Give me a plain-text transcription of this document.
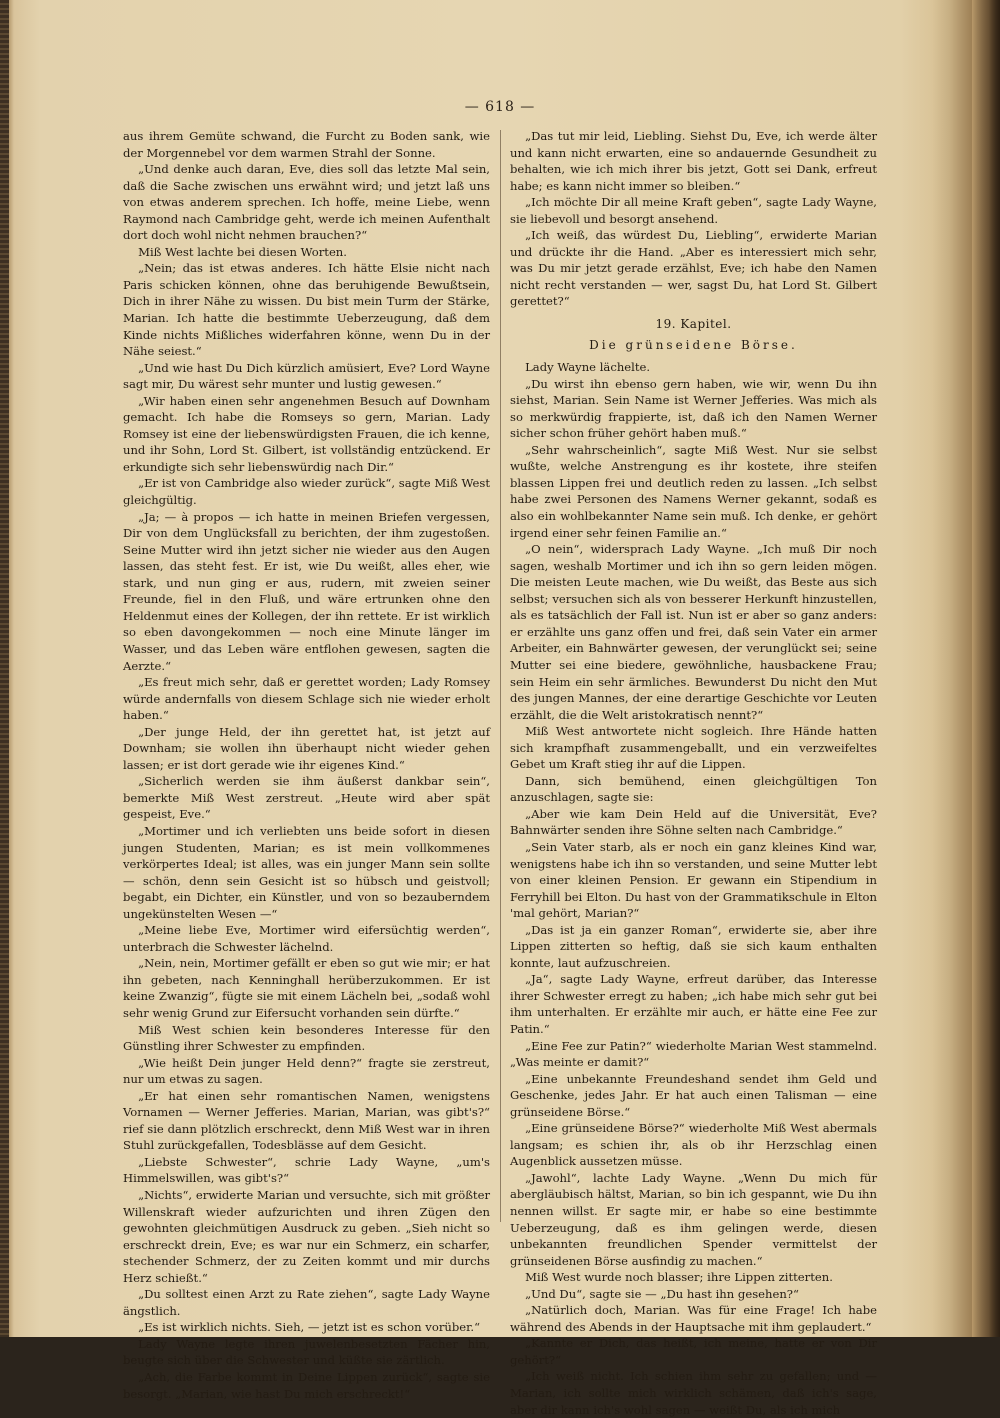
— 618 —

aus ihrem Gemüte schwand, die Furcht zu Boden sank, wie der Morgennebel vor dem warmen Strahl der Sonne.

„Und denke auch daran, Eve, dies soll das letzte Mal sein, daß die Sache zwischen uns erwähnt wird; und jetzt laß uns von etwas anderem sprechen. Ich hoffe, meine Liebe, wenn Raymond nach Cambridge geht, werde ich meinen Aufenthalt dort doch wohl nicht nehmen brauchen?“

Miß West lachte bei diesen Worten.

„Nein; das ist etwas anderes. Ich hätte Elsie nicht nach Paris schicken können, ohne das beruhigende Bewußtsein, Dich in ihrer Nähe zu wissen. Du bist mein Turm der Stärke, Marian. Ich hatte die bestimmte Ueberzeugung, daß dem Kinde nichts Mißliches widerfahren könne, wenn Du in der Nähe seiest.“

„Und wie hast Du Dich kürzlich amüsiert, Eve? Lord Wayne sagt mir, Du wärest sehr munter und lustig gewesen.“

„Wir haben einen sehr angenehmen Besuch auf Downham gemacht. Ich habe die Romseys so gern, Marian. Lady Romsey ist eine der liebenswürdigsten Frauen, die ich kenne, und ihr Sohn, Lord St. Gilbert, ist vollständig entzückend. Er erkundigte sich sehr liebenswürdig nach Dir.“

„Er ist von Cambridge also wieder zurück“, sagte Miß West gleichgültig.

„Ja; — à propos — ich hatte in meinen Briefen vergessen, Dir von dem Unglücksfall zu berichten, der ihm zugestoßen. Seine Mutter wird ihn jetzt sicher nie wieder aus den Augen lassen, das steht fest. Er ist, wie Du weißt, alles eher, wie stark, und nun ging er aus, rudern, mit zweien seiner Freunde, fiel in den Fluß, und wäre ertrunken ohne den Heldenmut eines der Kollegen, der ihn rettete. Er ist wirklich so eben davongekommen — noch eine Minute länger im Wasser, und das Leben wäre entflohen gewesen, sagten die Aerzte.“

„Es freut mich sehr, daß er gerettet worden; Lady Romsey würde andernfalls von diesem Schlage sich nie wieder erholt haben.“

„Der junge Held, der ihn gerettet hat, ist jetzt auf Downham; sie wollen ihn überhaupt nicht wieder gehen lassen; er ist dort gerade wie ihr eigenes Kind.“

„Sicherlich werden sie ihm äußerst dankbar sein“, bemerkte Miß West zerstreut. „Heute wird aber spät gespeist, Eve.“

„Mortimer und ich verliebten uns beide sofort in diesen jungen Studenten, Marian; es ist mein vollkommenes verkörpertes Ideal; ist alles, was ein junger Mann sein sollte — schön, denn sein Gesicht ist so hübsch und geistvoll; begabt, ein Dichter, ein Künstler, und von so bezauberndem ungekünstelten Wesen —“

„Meine liebe Eve, Mortimer wird eifersüchtig werden“, unterbrach die Schwester lächelnd.

„Nein, nein, Mortimer gefällt er eben so gut wie mir; er hat ihn gebeten, nach Kenninghall herüberzukommen. Er ist keine Zwanzig“, fügte sie mit einem Lächeln bei, „sodaß wohl sehr wenig Grund zur Eifersucht vorhanden sein dürfte.“

Miß West schien kein besonderes Interesse für den Günstling ihrer Schwester zu empfinden.

„Wie heißt Dein junger Held denn?“ fragte sie zerstreut, nur um etwas zu sagen.

„Er hat einen sehr romantischen Namen, wenigstens Vornamen — Werner Jefferies. Marian, Marian, was gibt's?“ rief sie dann plötzlich erschreckt, denn Miß West war in ihren Stuhl zurückgefallen, Todesblässe auf dem Gesicht.

„Liebste Schwester“, schrie Lady Wayne, „um's Himmelswillen, was gibt's?“

„Nichts“, erwiderte Marian und versuchte, sich mit größter Willenskraft wieder aufzurichten und ihren Zügen den gewohnten gleichmütigen Ausdruck zu geben. „Sieh nicht so erschreckt drein, Eve; es war nur ein Schmerz, ein scharfer, stechender Schmerz, der zu Zeiten kommt und mir durchs Herz schießt.“

„Du solltest einen Arzt zu Rate ziehen“, sagte Lady Wayne ängstlich.

„Es ist wirklich nichts. Sieh, — jetzt ist es schon vorüber.“

Lady Wayne legte ihren juwelenbesetzten Fächer hin, beugte sich über die Schwester und küßte sie zärtlich.

„Ach, die Farbe kommt in Deine Lippen zurück“, sagte sie besorgt. „Marian, wie hast Du mich erschreckt!“

„Das tut mir leid, Liebling. Siehst Du, Eve, ich werde älter und kann nicht erwarten, eine so andauernde Gesundheit zu behalten, wie ich mich ihrer bis jetzt, Gott sei Dank, erfreut habe; es kann nicht immer so bleiben.“

„Ich möchte Dir all meine Kraft geben“, sagte Lady Wayne, sie liebevoll und besorgt ansehend.

„Ich weiß, das würdest Du, Liebling“, erwiderte Marian und drückte ihr die Hand. „Aber es interessiert mich sehr, was Du mir jetzt gerade erzählst, Eve; ich habe den Namen nicht recht verstanden — wer, sagst Du, hat Lord St. Gilbert gerettet?“

19. Kapitel.
Die grünseidene Börse.

Lady Wayne lächelte.

„Du wirst ihn ebenso gern haben, wie wir, wenn Du ihn siehst, Marian. Sein Name ist Werner Jefferies. Was mich als so merkwürdig frappierte, ist, daß ich den Namen Werner sicher schon früher gehört haben muß.“

„Sehr wahrscheinlich“, sagte Miß West. Nur sie selbst wußte, welche Anstrengung es ihr kostete, ihre steifen blassen Lippen frei und deutlich reden zu lassen. „Ich selbst habe zwei Personen des Namens Werner gekannt, sodaß es also ein wohlbekannter Name sein muß. Ich denke, er gehört irgend einer sehr feinen Familie an.“

„O nein“, widersprach Lady Wayne. „Ich muß Dir noch sagen, weshalb Mortimer und ich ihn so gern leiden mögen. Die meisten Leute machen, wie Du weißt, das Beste aus sich selbst; versuchen sich als von besserer Herkunft hinzustellen, als es tatsächlich der Fall ist. Nun ist er aber so ganz anders: er erzählte uns ganz offen und frei, daß sein Vater ein armer Arbeiter, ein Bahnwärter gewesen, der verunglückt sei; seine Mutter sei eine biedere, gewöhnliche, hausbackene Frau; sein Heim ein sehr ärmliches. Bewunderst Du nicht den Mut des jungen Mannes, der eine derartige Geschichte vor Leuten erzählt, die die Welt aristokratisch nennt?“

Miß West antwortete nicht sogleich. Ihre Hände hatten sich krampfhaft zusammengeballt, und ein verzweifeltes Gebet um Kraft stieg ihr auf die Lippen.

Dann, sich bemühend, einen gleichgültigen Ton anzuschlagen, sagte sie:

„Aber wie kam Dein Held auf die Universität, Eve? Bahnwärter senden ihre Söhne selten nach Cambridge.“

„Sein Vater starb, als er noch ein ganz kleines Kind war, wenigstens habe ich ihn so verstanden, und seine Mutter lebt von einer kleinen Pension. Er gewann ein Stipendium in Ferryhill bei Elton. Du hast von der Grammatikschule in Elton 'mal gehört, Marian?“

„Das ist ja ein ganzer Roman“, erwiderte sie, aber ihre Lippen zitterten so heftig, daß sie sich kaum enthalten konnte, laut aufzuschreien.

„Ja“, sagte Lady Wayne, erfreut darüber, das Interesse ihrer Schwester erregt zu haben; „ich habe mich sehr gut bei ihm unterhalten. Er erzählte mir auch, er hätte eine Fee zur Patin.“

„Eine Fee zur Patin?“ wiederholte Marian West stammelnd. „Was meinte er damit?“

„Eine unbekannte Freundeshand sendet ihm Geld und Geschenke, jedes Jahr. Er hat auch einen Talisman — eine grünseidene Börse.“

„Eine grünseidene Börse?“ wiederholte Miß West abermals langsam; es schien ihr, als ob ihr Herzschlag einen Augenblick aussetzen müsse.

„Jawohl“, lachte Lady Wayne. „Wenn Du mich für abergläubisch hältst, Marian, so bin ich gespannt, wie Du ihn nennen willst. Er sagte mir, er habe so eine bestimmte Ueberzeugung, daß es ihm gelingen werde, diesen unbekannten freundlichen Spender vermittelst der grünseidenen Börse ausfindig zu machen.“

Miß West wurde noch blasser; ihre Lippen zitterten.

„Und Du“, sagte sie — „Du hast ihn gesehen?“

„Natürlich doch, Marian. Was für eine Frage! Ich habe während des Abends in der Hauptsache mit ihm geplaudert.“

„Kannte er Dich, das heißt, ich meine, hatte er von Dir gehört?“

„Ich weiß nicht. Ich schien ihm sehr zu gefallen; und — Marian, ich sollte mich wirklich schämen, daß ich's sage, aber dir kann ich's wohl sagen — weißt Du, als ich mich
